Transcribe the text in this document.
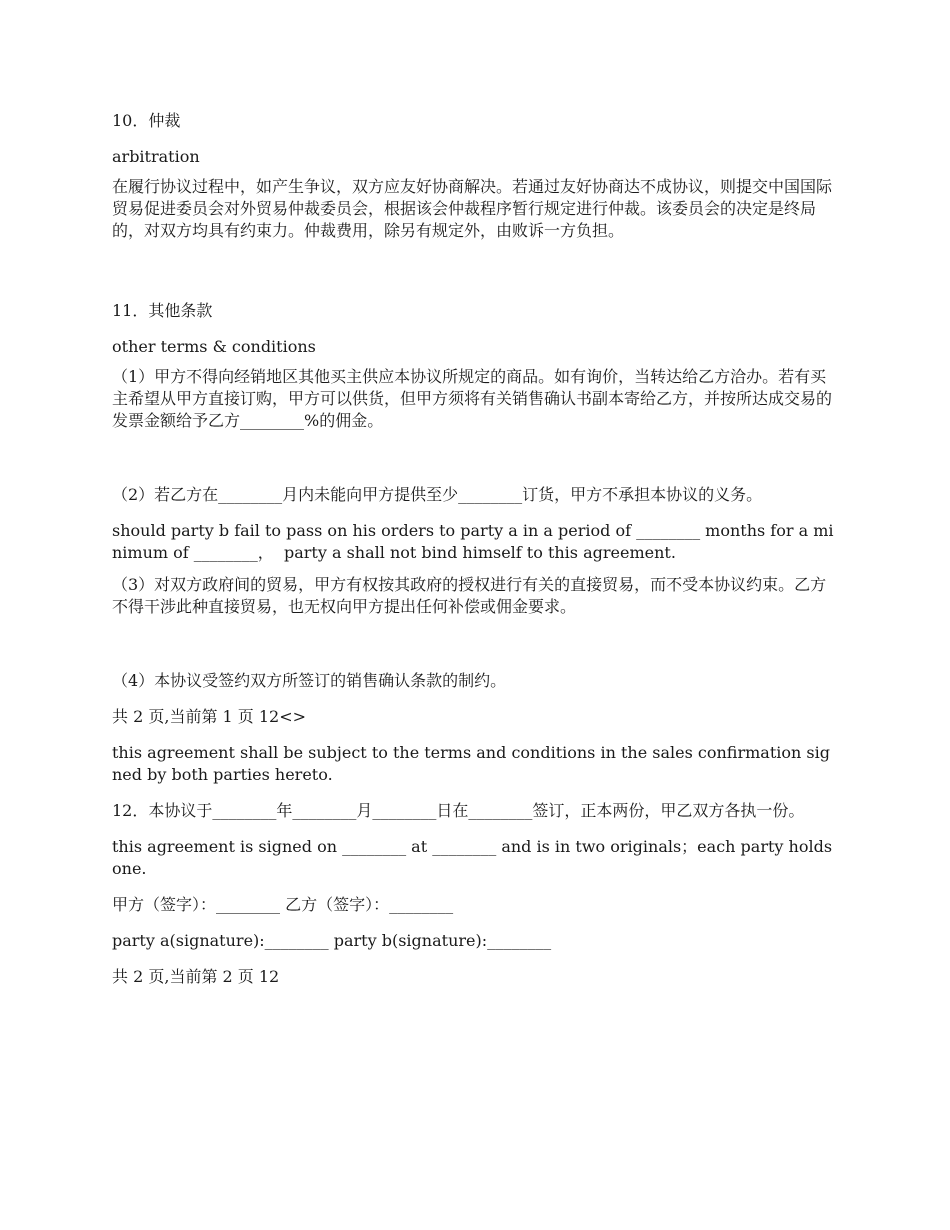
10．仲裁

arbitration

在履行协议过程中，如产生争议，双方应友好协商解决。若通过友好协商达不成协议，则提交中国国际贸易促进委员会对外贸易仲裁委员会，根据该会仲裁程序暂行规定进行仲裁。该委员会的决定是终局的，对双方均具有约束力。仲裁费用，除另有规定外，由败诉一方负担。

11．其他条款

other terms & conditions

（1）甲方不得向经销地区其他买主供应本协议所规定的商品。如有询价，当转达给乙方洽办。若有买主希望从甲方直接订购，甲方可以供货，但甲方须将有关销售确认书副本寄给乙方，并按所达成交易的发票金额给予乙方________%的佣金。

（2）若乙方在________月内未能向甲方提供至少________订货，甲方不承担本协议的义务。

should party b fail to pass on his orders to party a in a period of ________ months for a minimum of ________，  party a shall not bind himself to this agreement.

（3）对双方政府间的贸易，甲方有权按其政府的授权进行有关的直接贸易，而不受本协议约束。乙方不得干涉此种直接贸易，也无权向甲方提出任何补偿或佣金要求。

（4）本协议受签约双方所签订的销售确认条款的制约。

共 2 页,当前第 1 页 12<>

this agreement shall be subject to the terms and conditions in the sales confirmation signed by both parties hereto.

12．本协议于________年________月________日在________签订，正本两份，甲乙双方各执一份。

this agreement is signed on ________ at ________ and is in two originals；each party holds one.

甲方（签字）：________ 乙方（签字）：________

party a(signature):________ party b(signature):________

共 2 页,当前第 2 页 12
